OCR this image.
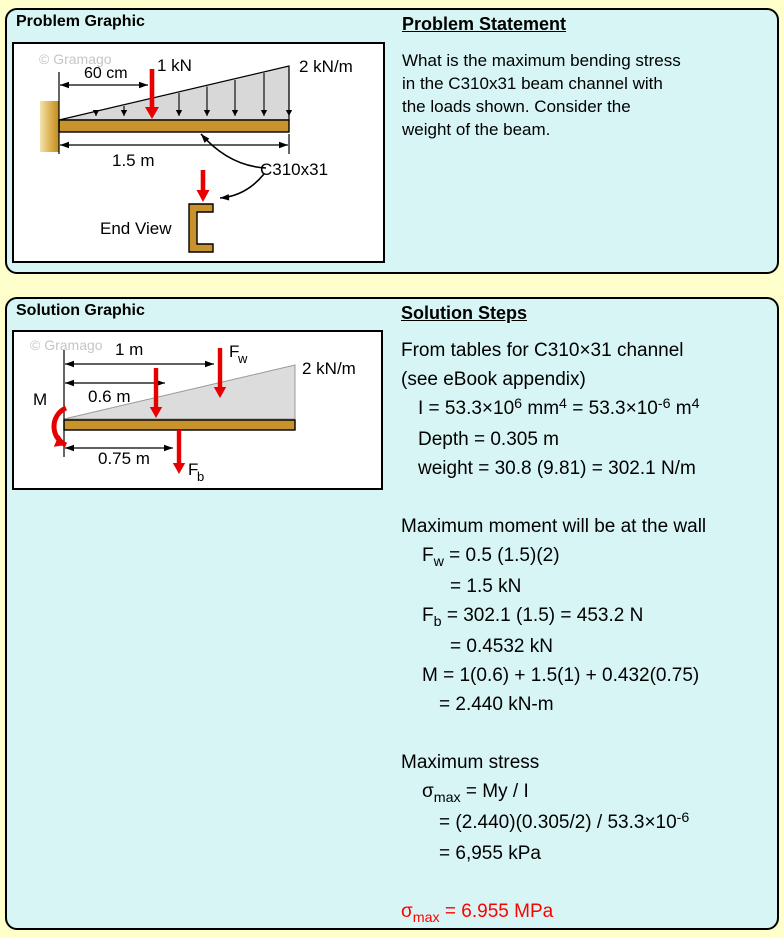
Problem Graphic	Problem Statement
What is the maximum bending stress
in the C310x31 beam channel with
the loads shown. Consider the
weight of the beam.
© Gramago
60 cm
1.5 m
1 kN	2 kN/m
C310x31
End View
Solution Graphic	Solution Steps
From tables for C310×31 channel
(see eBook appendix)
$I = 53.3\times 10^6$ $mm^4 = 53.3\times 10^{-6}$ $m^4$
Depth = 0.305 m
weight = 30.8 (9.81) = 302.1 N/m

Maximum moment will be at the wall
$F_w = 0.5$ (1.5)(2)
= 1.5 kN
$F_b = 302.1$ (1.5) = 453.2 N
= 0.4532 kN
M = 1(0.6) + 1.5(1) + 0.432(0.75)
= 2.440 kN-m

Maximum stress
$\sigma_{max} = My / I$
= $(2.440)(0.305/2) / 53.3\times 10^{-6}$
= 6,955 kPa

$\sigma_{max} = 6.955$ MPa
© Gramago 1 m
0.6 m
0.75 m
M
F
w
F
b
2 kN/m
